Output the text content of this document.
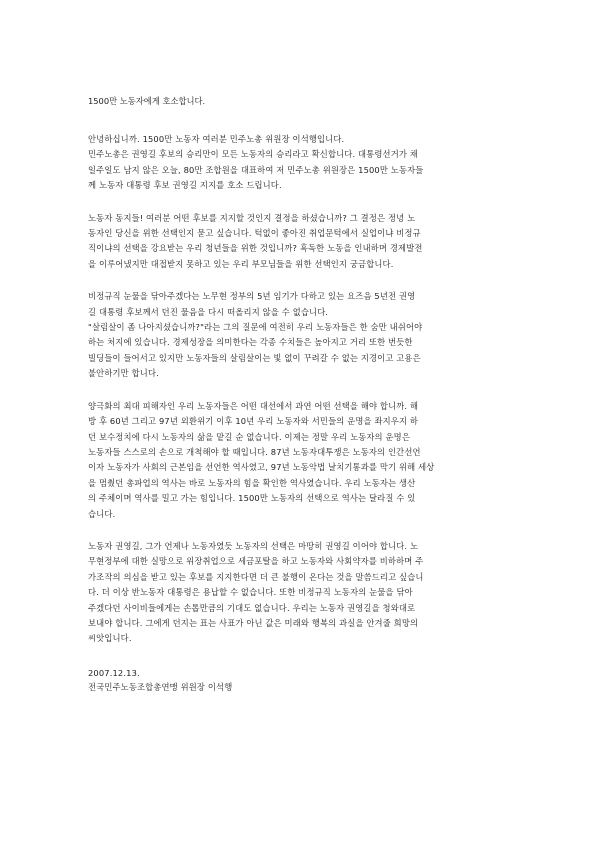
1500만 노동자에게 호소합니다.
안녕하십니까. 1500만 노동자 여러분 민주노총 위원장 이석행입니다.
민주노총은 권영길 후보의 승리만이 모든 노동자의 승리라고 확신합니다. 대통령선거가 채
일주일도 남지 않은 오늘, 80만 조합원을 대표하여 저 민주노총 위원장은 1500만 노동자들
께 노동자 대통령 후보 권영길 지지를 호소 드립니다.
노동자 동지들! 여러분 어떤 후보를 지지할 것인지 결정을 하셨습니까? 그 결정은 정녕 노
동자인 당신을 위한 선택인지 묻고 싶습니다. 턱없이 좋아진 취업문턱에서 실업이냐 비정규
직이냐의 선택을 강요받는 우리 청년들을 위한 것입니까? 혹독한 노동을 인내하며 경제발전
을 이루어냈지만 대접받지 못하고 있는 우리 부모님들을 위한 선택인지 궁금합니다.
비정규직 눈물을 닦아주겠다는 노무현 정부의 5년 임기가 다하고 있는 요즈음 5년전 권영
길 대통령 후보께서 던진 물음을 다시 떠올리지 않을 수 없습니다.
"살림살이 좀 나아지셨습니까?"라는 그의 질문에 여전히 우리 노동자들은 한 숨만 내쉬어야
하는 처지에 있습니다. 경제성장을 의미한다는 각종 수치들은 높아지고 거리 또한 번듯한
빌딩들이 들어서고 있지만 노동자들의 살림살이는 빛 없이 꾸려갈 수 없는 지경이고 고용은
불안하기만 합니다.
양극화의 최대 피해자인 우리 노동자들은 어떤 대선에서 과연 어떤 선택을 해야 합니까. 해
방 후 60년 그리고 97년 외환위기 이후 10년 우리 노동자와 서민들의 운명을 좌지우지 하
던 보수정치에 다시 노동자의 삶을 맡길 순 없습니다. 이제는 정말 우리 노동자의 운명은
노동자들 스스로의 손으로 개척해야 할 때입니다. 87년 노동자대투쟁은 노동자의 인간선언
이자 노동자가 사회의 근본임을 선언한 역사였고, 97년 노동악법 날치기통과를 막기 위해 세상
을 멈췄던 총파업의 역사는 바로 노동자의 힘을 확인한 역사였습니다. 우리 노동자는 생산
의 주체이며 역사를 밀고 가는 힘입니다. 1500만 노동자의 선택으로 역사는 달라질 수 있
습니다.
노동자 권영길, 그가 언제나 노동자였듯 노동자의 선택은 마땅히 권영길 이어야 합니다. 노
무현정부에 대한 실망으로 위장취업으로 세금포탈을 하고 노동자와 사회약자를 비하하며 주
가조작의 의심을 받고 있는 후보를 지지한다면 더 큰 불행이 온다는 것을 말씀드리고 싶습니
다. 더 이상 반노동자 대통령은 용납할 수 없습니다. 또한 비정규직 노동자의 눈물을 닦아
주겠다던 사이비들에게는 손톱만큼의 기대도 없습니다. 우리는 노동자 권영길을 청와대로
보내야 합니다. 그에게 던지는 표는 사표가 아닌 값은 미래와 행복의 과실을 안겨줄 희망의
씨앗입니다.
2007.12.13.
전국민주노동조합총연맹 위원장 이석행
